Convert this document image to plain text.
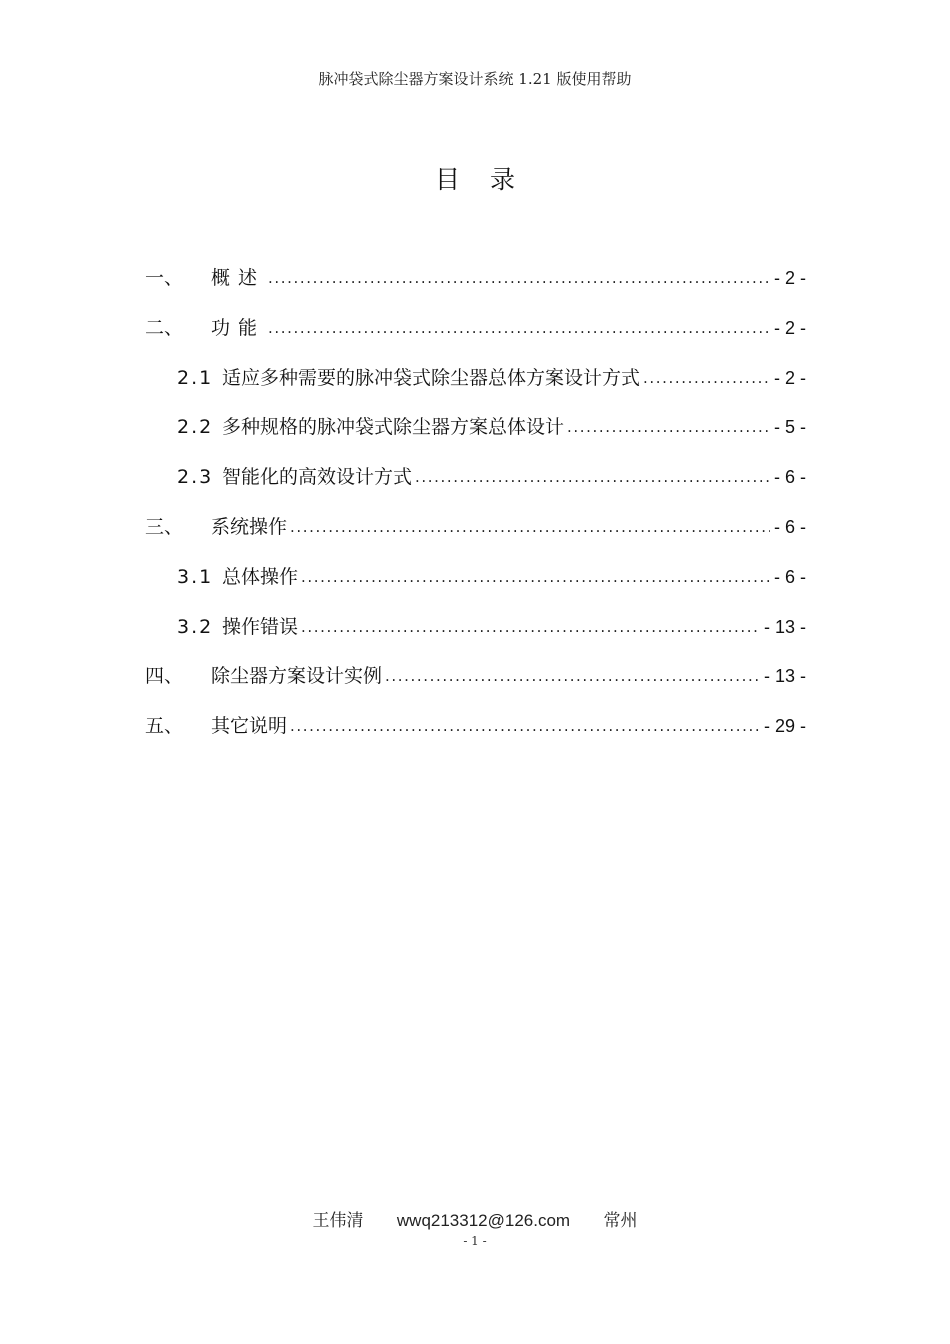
脉冲袋式除尘器方案设计系统 1.21 版使用帮助
目录
一、	概述 .....	- 2 -
二、	功能 .....	- 2 -
2.1 适应多种需要的脉冲袋式除尘器总体方案设计方式 .....	- 2 -
2.2 多种规格的脉冲袋式除尘器方案总体设计 .....	- 5 -
2.3 智能化的高效设计方式 .....	- 6 -
三、	系统操作 .....	- 6 -
3.1 总体操作 .....	- 6 -
3.2 操作错误 .....	- 13 -
四、	除尘器方案设计实例 .....	- 13 -
五、	其它说明 .....	- 29 -
王伟清 wwq213312@126.com 常州
- 1 -
